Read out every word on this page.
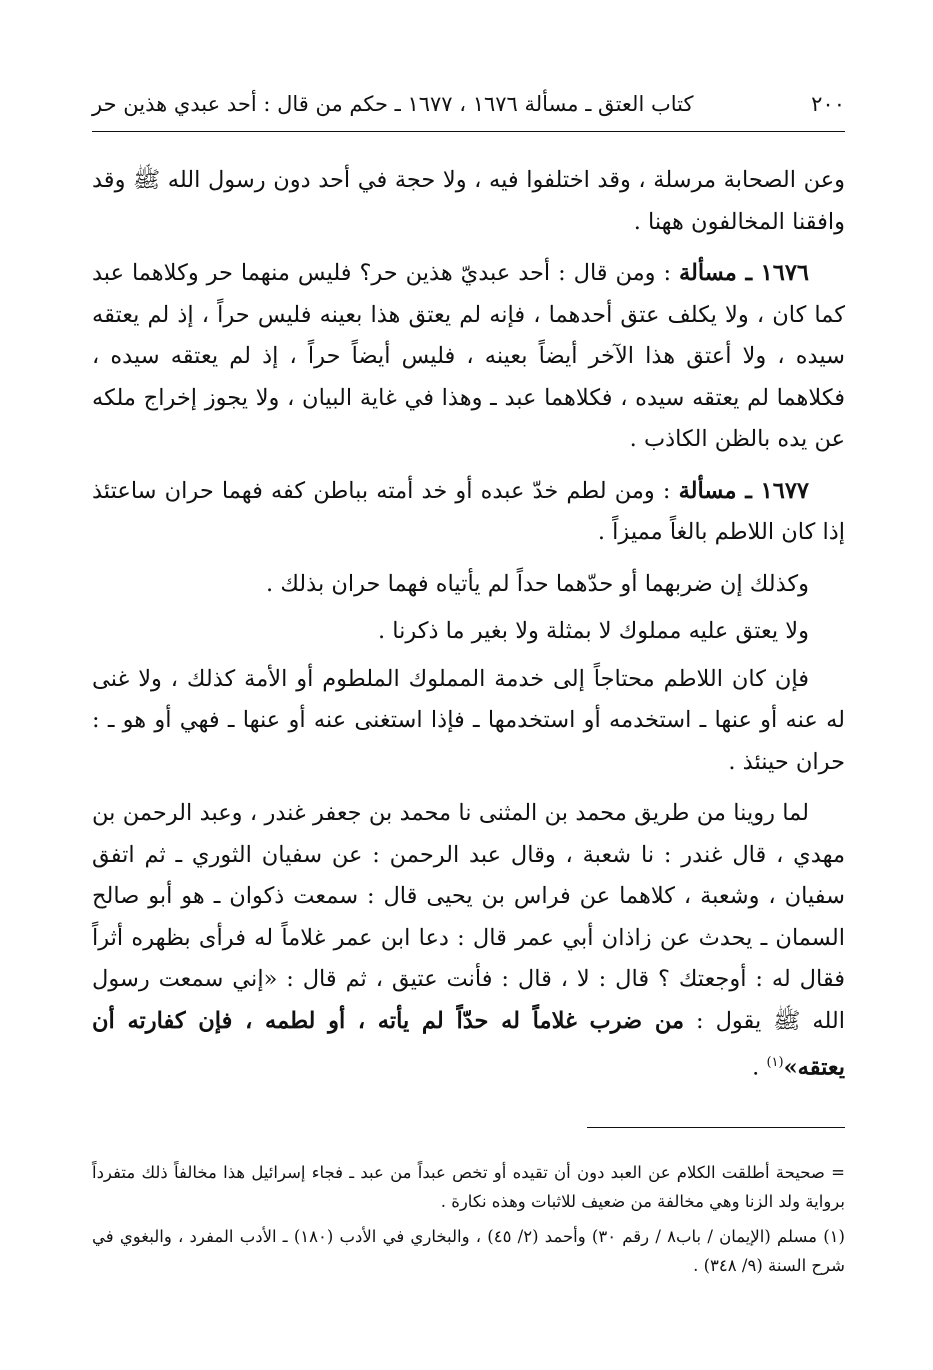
٢٠٠
كتاب العتق ـ مسألة ١٦٧٦ ، ١٦٧٧ ـ حكم من قال : أحد عبدي هذين حر

وعن الصحابة مرسلة ، وقد اختلفوا فيه ، ولا حجة في أحد دون رسول الله ﷺ وقد وافقنا المخالفون ههنا .

١٦٧٦ ـ مسألة : ومن قال : أحد عبديّ هذين حر؟ فليس منهما حر وكلاهما عبد كما كان ، ولا يكلف عتق أحدهما ، فإنه لم يعتق هذا بعينه فليس حراً ، إذ لم يعتقه سيده ، ولا أعتق هذا الآخر أيضاً بعينه ، فليس أيضاً حراً ، إذ لم يعتقه سيده ، فكلاهما لم يعتقه سيده ، فكلاهما عبد ـ وهذا في غاية البيان ، ولا يجوز إخراج ملكه عن يده بالظن الكاذب .

١٦٧٧ ـ مسألة : ومن لطم خدّ عبده أو خد أمته بباطن كفه فهما حران ساعتئذ إذا كان اللاطم بالغاً مميزاً .

وكذلك إن ضربهما أو حدّهما حداً لم يأتياه فهما حران بذلك .

ولا يعتق عليه مملوك لا بمثلة ولا بغير ما ذكرنا .

فإن كان اللاطم محتاجاً إلى خدمة المملوك الملطوم أو الأمة كذلك ، ولا غنى له عنه أو عنها ـ استخدمه أو استخدمها ـ فإذا استغنى عنه أو عنها ـ فهي أو هو ـ : حران حينئذ .

لما روينا من طريق محمد بن المثنى نا محمد بن جعفر غندر ، وعبد الرحمن بن مهدي ، قال غندر : نا شعبة ، وقال عبد الرحمن : عن سفيان الثوري ـ ثم اتفق سفيان ، وشعبة ، كلاهما عن فراس بن يحيى قال : سمعت ذكوان ـ هو أبو صالح السمان ـ يحدث عن زاذان أبي عمر قال : دعا ابن عمر غلاماً له فرأى بظهره أثراً فقال له : أوجعتك ؟ قال : لا ، قال : فأنت عتيق ، ثم قال : «إني سمعت رسول الله ﷺ يقول : من ضرب غلاماً له حدّاً لم يأته ، أو لطمه ، فإن كفارته أن يعتقه»$^{(١)}$ .

= صحيحة أطلقت الكلام عن العبد دون أن تقيده أو تخص عبداً من عبد ـ فجاء إسرائيل هذا مخالفاً ذلك متفرداً برواية ولد الزنا وهي مخالفة من ضعيف للاثبات وهذه نكارة .

(١) مسلم (الإيمان / باب٨ / رقم ٣٠) وأحمد (٢/ ٤٥) ، والبخاري في الأدب (١٨٠) ـ الأدب المفرد ، والبغوي في شرح السنة (٩/ ٣٤٨) .
